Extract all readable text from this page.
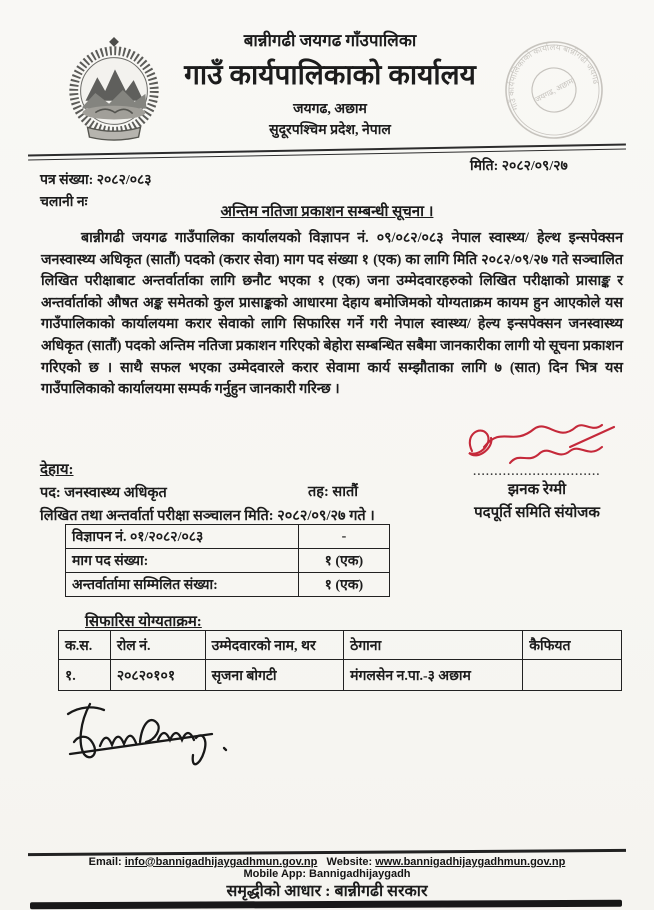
गाउँ कार्यपालिकाको कार्यालय बान्नीगढी जयगढ
जयगढ, अछाम
बान्नीगढी जयगढ गाँउपालिका
गाउँ कार्यपालिकाको कार्यालय
जयगढ, अछाम
सुदूरपश्चिम प्रदेश, नेपाल
मिति: २०८२/०९/२७
पत्र संख्या: २०८२/०८३
चलानी नः
अन्तिम नतिजा प्रकाशन सम्बन्धी सूचना ।
बान्नीगढी जयगढ गाउँपालिका कार्यालयको विज्ञापन नं. ०९/०८२/०८३ नेपाल स्वास्थ्य/ हेल्थ इन्सपेक्सन जनस्वास्थ्य अधिकृत (सातौं) पदको (करार सेवा) माग पद संख्या १ (एक) का लागि मिति २०८२/०९/२७ गते सञ्चालित लिखित परीक्षाबाट अन्तर्वार्ताका लागि छनौट भएका १ (एक) जना उम्मेदवारहरुको लिखित परीक्षाको प्रासाङ्क र अन्तर्वार्ताको औषत अङ्क समेतको कुल प्रासाङ्कको आधारमा देहाय बमोजिमको योग्यताक्रम कायम हुन आएकोले यस गाउँपालिकाको कार्यालयमा करार सेवाको लागि सिफारिस गर्ने गरी नेपाल स्वास्थ्य/ हेल्य इन्सपेक्सन जनस्वास्थ्य अधिकृत (सातौं) पदको अन्तिम नतिजा प्रकाशन गरिएको बेहोरा सम्बन्धित सबैमा जानकारीका लागी यो सूचना प्रकाशन गरिएको छ । साथै सफल भएका उम्मेदवारले करार सेवामा कार्य सम्झौताका लागि ७ (सात) दिन भित्र यस गाउँपालिकाको कार्यालयमा सम्पर्क गर्नुहुन जानकारी गरिन्छ ।
..............................
झनक रेग्मी
पदपूर्ति समिति संयोजक
देहाय:
पद: जनस्वास्थ्य अधिकृत	तह: सातौं
लिखित तथा अन्तर्वार्ता परीक्षा सञ्चालन मिति: २०८२/०९/२७ गते ।
विज्ञापन नं. ०१/२०८२/०८३	-
माग पद संख्या:	१ (एक)
अन्तर्वार्तामा सम्मिलित संख्या:	१ (एक)
सिफारिस योग्यताक्रम:
क.स.	रोल नं.	उम्मेदवारको नाम, थर	ठेगाना	कैफियत
१.	२०८२०१०१	सृजना बोगटी	मंगलसेन न.पा.-३ अछाम	
Email: info@bannigadhijaygadhmun.gov.np Website: www.bannigadhijaygadhmun.gov.np
Mobile App: Bannigadhijaygadh
समृद्धीको आधार : बान्नीगढी सरकार
